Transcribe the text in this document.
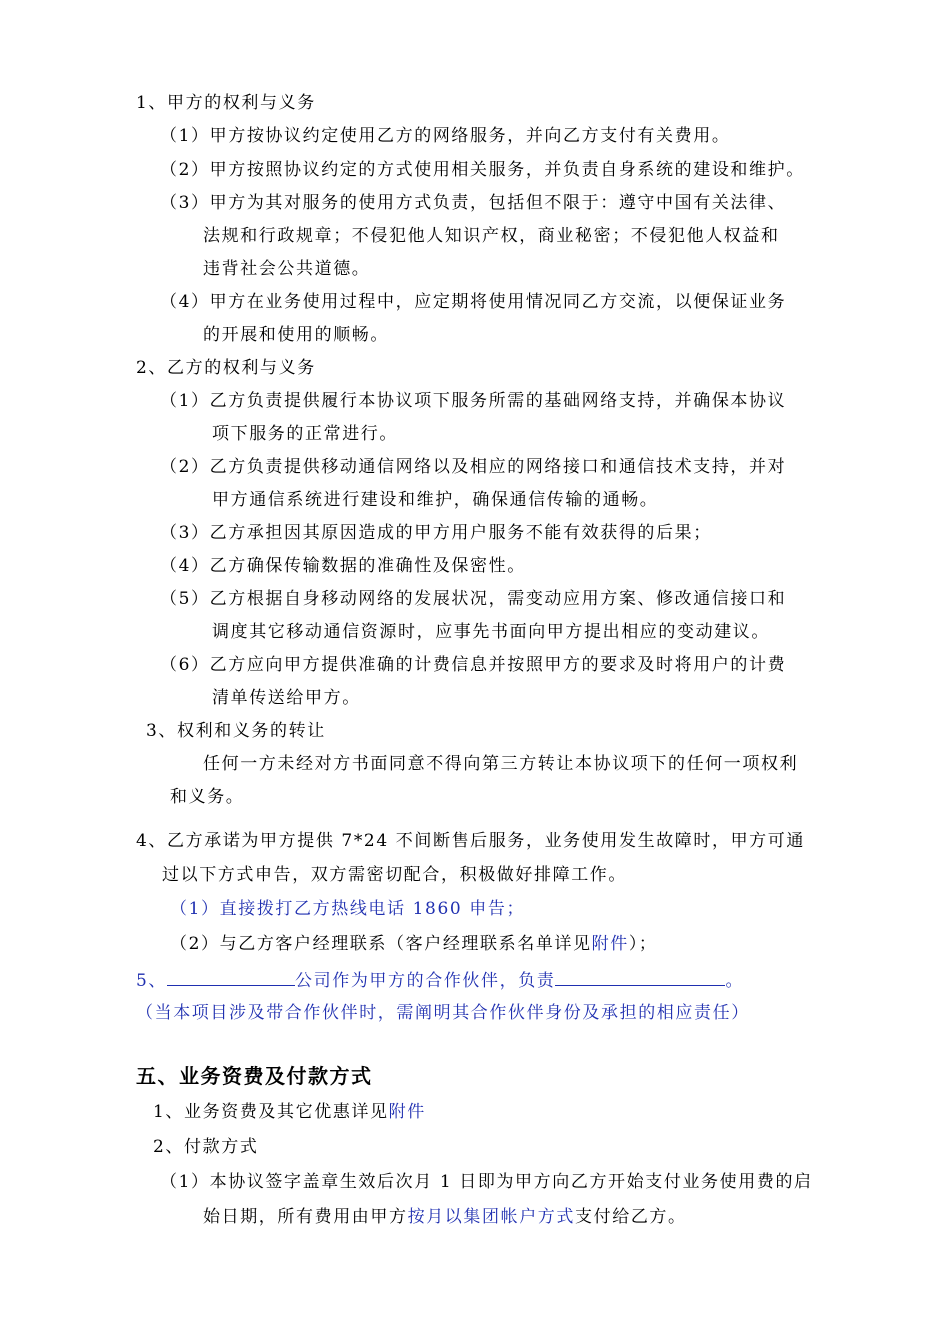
1、甲方的权利与义务
（1）甲方按协议约定使用乙方的网络服务，并向乙方支付有关费用。
（2）甲方按照协议约定的方式使用相关服务，并负责自身系统的建设和维护。
（3）甲方为其对服务的使用方式负责，包括但不限于：遵守中国有关法律、
法规和行政规章；不侵犯他人知识产权，商业秘密；不侵犯他人权益和
违背社会公共道德。
（4）甲方在业务使用过程中，应定期将使用情况同乙方交流，以便保证业务
的开展和使用的顺畅。
2、乙方的权利与义务
（1）乙方负责提供履行本协议项下服务所需的基础网络支持，并确保本协议
项下服务的正常进行。
（2）乙方负责提供移动通信网络以及相应的网络接口和通信技术支持，并对
甲方通信系统进行建设和维护，确保通信传输的通畅。
（3）乙方承担因其原因造成的甲方用户服务不能有效获得的后果；
（4）乙方确保传输数据的准确性及保密性。
（5）乙方根据自身移动网络的发展状况，需变动应用方案、修改通信接口和
调度其它移动通信资源时，应事先书面向甲方提出相应的变动建议。
（6）乙方应向甲方提供准确的计费信息并按照甲方的要求及时将用户的计费
清单传送给甲方。
3、权利和义务的转让
任何一方未经对方书面同意不得向第三方转让本协议项下的任何一项权利
和义务。
4、乙方承诺为甲方提供 7*24 不间断售后服务，业务使用发生故障时，甲方可通
过以下方式申告，双方需密切配合，积极做好排障工作。
（1）直接拨打乙方热线电话 1860 申告；
（2）与乙方客户经理联系（客户经理联系名单详见附件）；
5、	公司作为甲方的合作伙伴，负责	。
（当本项目涉及带合作伙伴时，需阐明其合作伙伴身份及承担的相应责任）
五、业务资费及付款方式
1、业务资费及其它优惠详见附件
2、付款方式
（1）本协议签字盖章生效后次月 1 日即为甲方向乙方开始支付业务使用费的启
始日期，所有费用由甲方按月以集团帐户方式支付给乙方。
